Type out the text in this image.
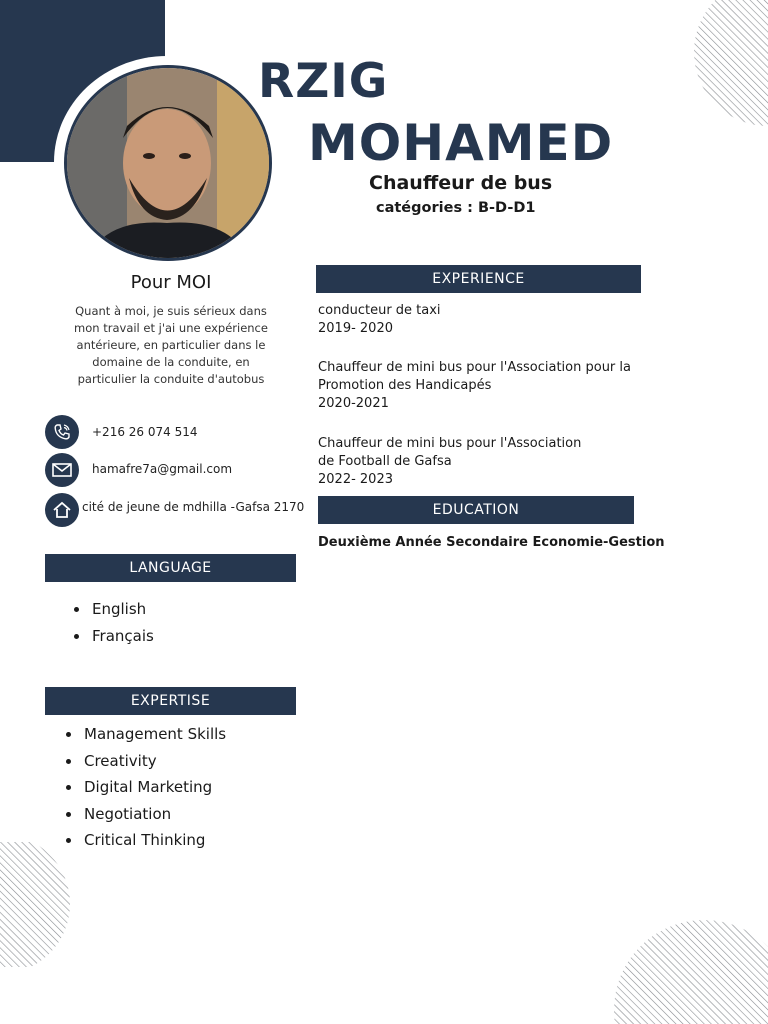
RZIG
MOHAMED
Chauffeur de bus
catégories : B-D-D1
Pour MOI
Quant à moi, je suis sérieux dans
mon travail et j'ai une expérience
antérieure, en particulier dans le
domaine de la conduite, en
particulier la conduite d'autobus
+216 26 074 514
hamafre7a@gmail.com
cité de jeune de mdhilla -Gafsa 2170
LANGUAGE
English
Français
EXPERTISE
Management Skills
Creativity
Digital Marketing
Negotiation
Critical Thinking
EXPERIENCE
conducteur de taxi
2019- 2020
Chauffeur de mini bus pour l'Association pour la
Promotion des Handicapés
2020-2021
Chauffeur de mini bus pour l'Association
de Football de Gafsa
2022- 2023
EDUCATION
Deuxième Année Secondaire Economie-Gestion
